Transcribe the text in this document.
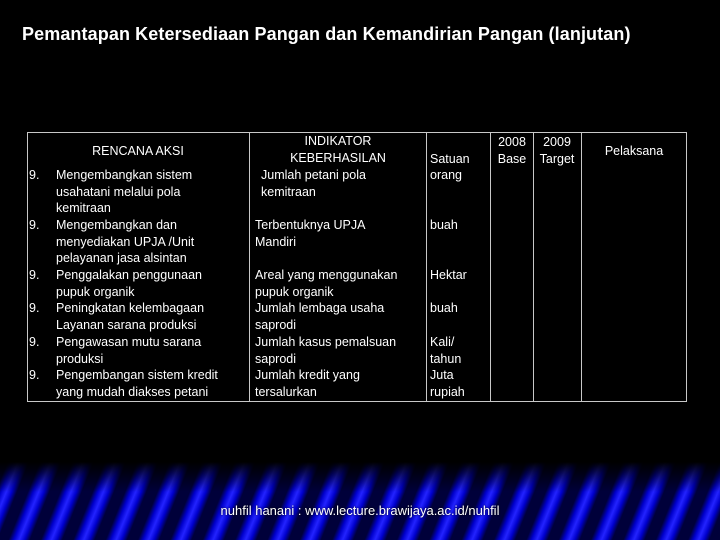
Pemantapan Ketersediaan Pangan dan Kemandirian Pangan (lanjutan)
RENCANA AKSI
INDIKATOR KEBERHASILAN	Satuan
2008 Base
2009 Target
Pelaksana
9. Mengembangkan sistem usahatani melalui pola kemitraan
Jumlah petani pola kemitraan
orang
9. Mengembangkan dan menyediakan UPJA /Unit pelayanan jasa alsintan
Terbentuknya UPJA Mandiri
buah
9. Penggalakan penggunaan pupuk organik
Areal yang menggunakan pupuk organik
Hektar
9. Peningkatan kelembagaan Layanan sarana produksi
Jumlah lembaga usaha saprodi
buah
9. Pengawasan mutu sarana produksi
Jumlah kasus pemalsuan saprodi
Kali/ tahun
9. Pengembangan sistem kredit yang mudah diakses petani
Jumlah kredit yang tersalurkan
Juta rupiah
nuhfil hanani : www.lecture.brawijaya.ac.id/nuhfil
